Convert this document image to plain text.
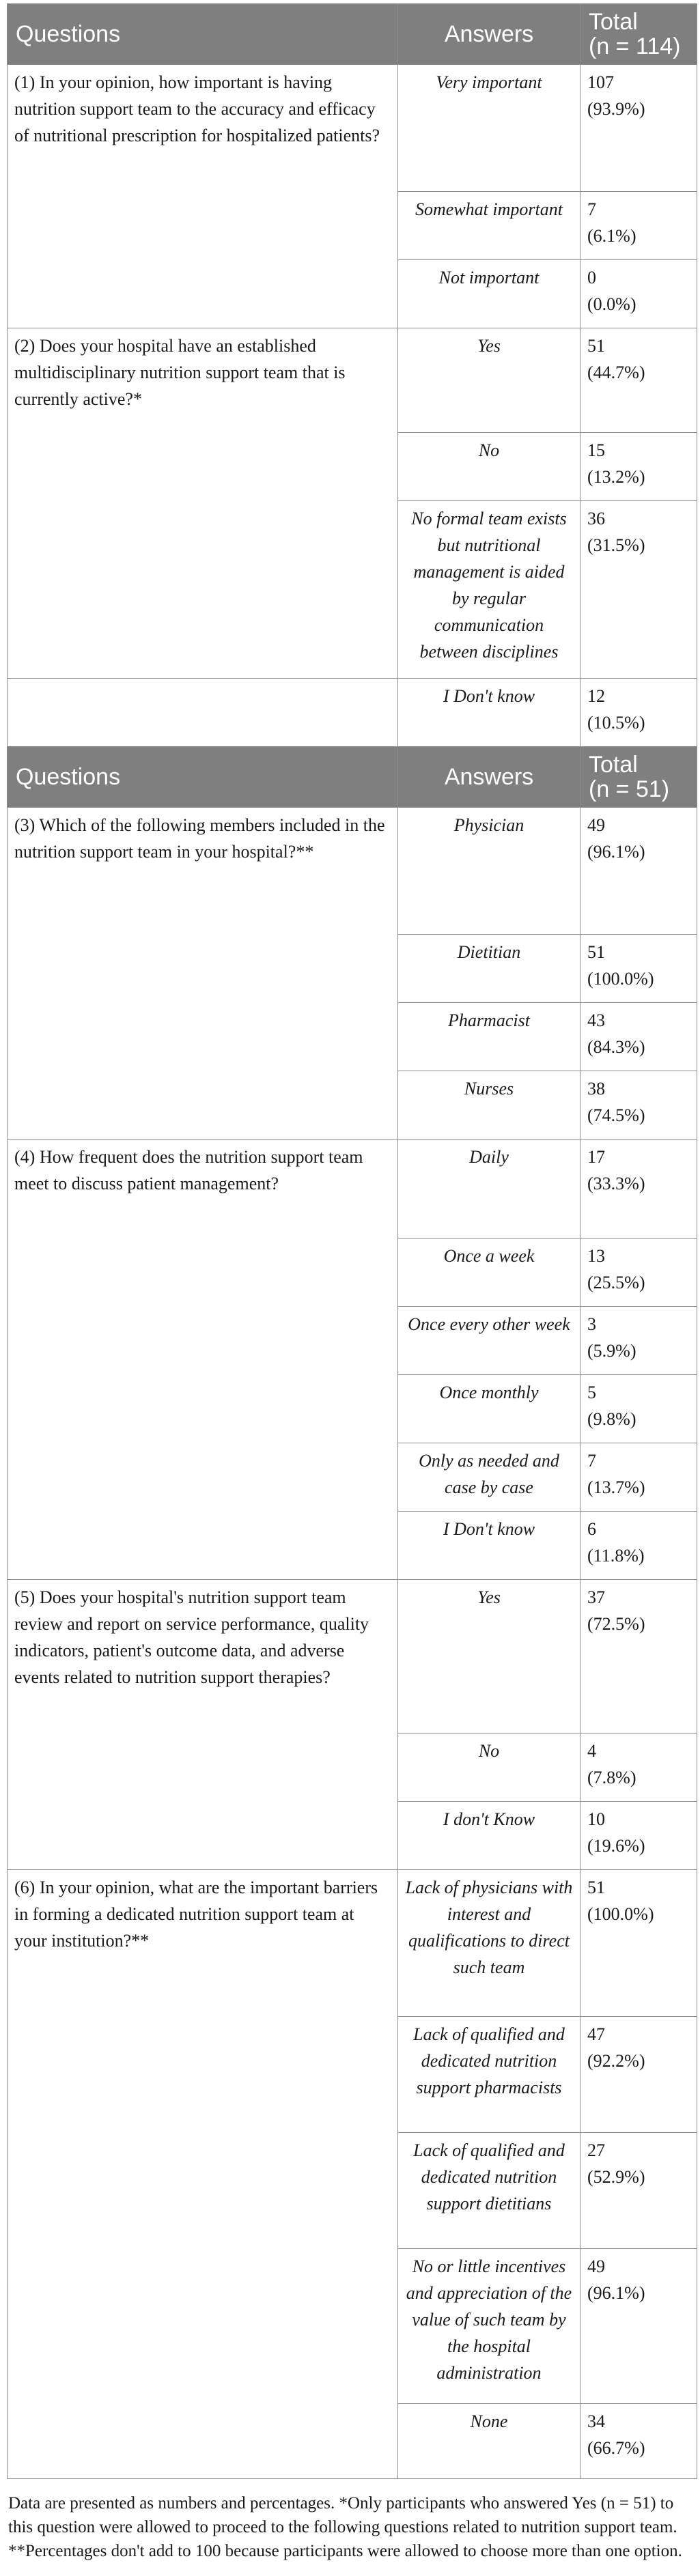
Questions	Answers	Total
(n = 114)
(1) In your opinion, how important is having nutrition support team to the accuracy and efficacy of nutritional prescription for hospitalized patients?	Very important	107
(93.9%)
	Somewhat important	7
(6.1%)
	Not important	0
(0.0%)
(2) Does your hospital have an established multidisciplinary nutrition support team that is currently active?*	Yes	51
(44.7%)
	No	15
(13.2%)
	No formal team exists but nutritional management is aided by regular communication between disciplines	36
(31.5%)
	I Don't know	12
(10.5%)
Questions	Answers	Total
(n = 51)
(3) Which of the following members included in the nutrition support team in your hospital?**	Physician	49
(96.1%)
	Dietitian	51
(100.0%)
	Pharmacist	43
(84.3%)
	Nurses	38
(74.5%)
(4) How frequent does the nutrition support team meet to discuss patient management?	Daily	17
(33.3%)
	Once a week	13
(25.5%)
	Once every other week	3
(5.9%)
	Once monthly	5
(9.8%)
	Only as needed and case by case	7
(13.7%)
	I Don't know	6
(11.8%)
(5) Does your hospital's nutrition support team review and report on service performance, quality indicators, patient's outcome data, and adverse events related to nutrition support therapies?	Yes	37
(72.5%)
	No	4
(7.8%)
	I don't Know	10
(19.6%)
(6) In your opinion, what are the important barriers in forming a dedicated nutrition support team at your institution?**	Lack of physicians with interest and qualifications to direct such team	51
(100.0%)
	Lack of qualified and dedicated nutrition support pharmacists	47
(92.2%)
	Lack of qualified and dedicated nutrition support dietitians	27
(52.9%)
	No or little incentives and appreciation of the value of such team by the hospital administration	49
(96.1%)
	None	34
(66.7%)
Data are presented as numbers and percentages. *Only participants who answered Yes (n = 51) to this question were allowed to proceed to the following questions related to nutrition support team. **Percentages don't add to 100 because participants were allowed to choose more than one option.
